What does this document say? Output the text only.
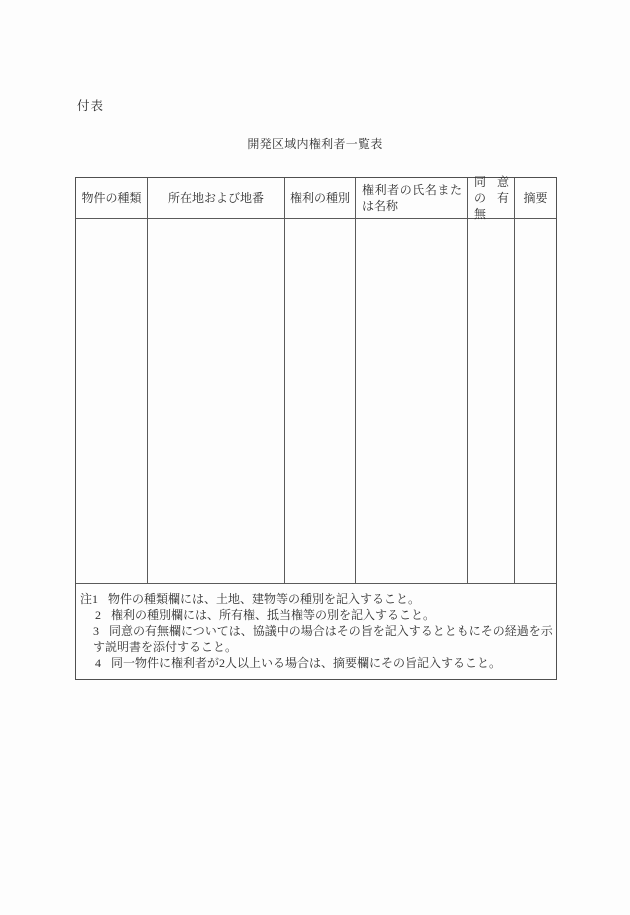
付表
開発区域内権利者一覧表
物件の種類 所在地および地番 権利の種別
権利者の氏名または名称
同意の有無
摘要

注1 物件の種類欄には、土地、建物等の種別を記入すること。

2 権利の種別欄には、所有権、抵当権等の別を記入すること。

3 同意の有無欄については、協議中の場合はその旨を記入するとともにその経過を示す説明書を添付すること。

4 同一物件に権利者が2人以上いる場合は、摘要欄にその旨記入すること。
